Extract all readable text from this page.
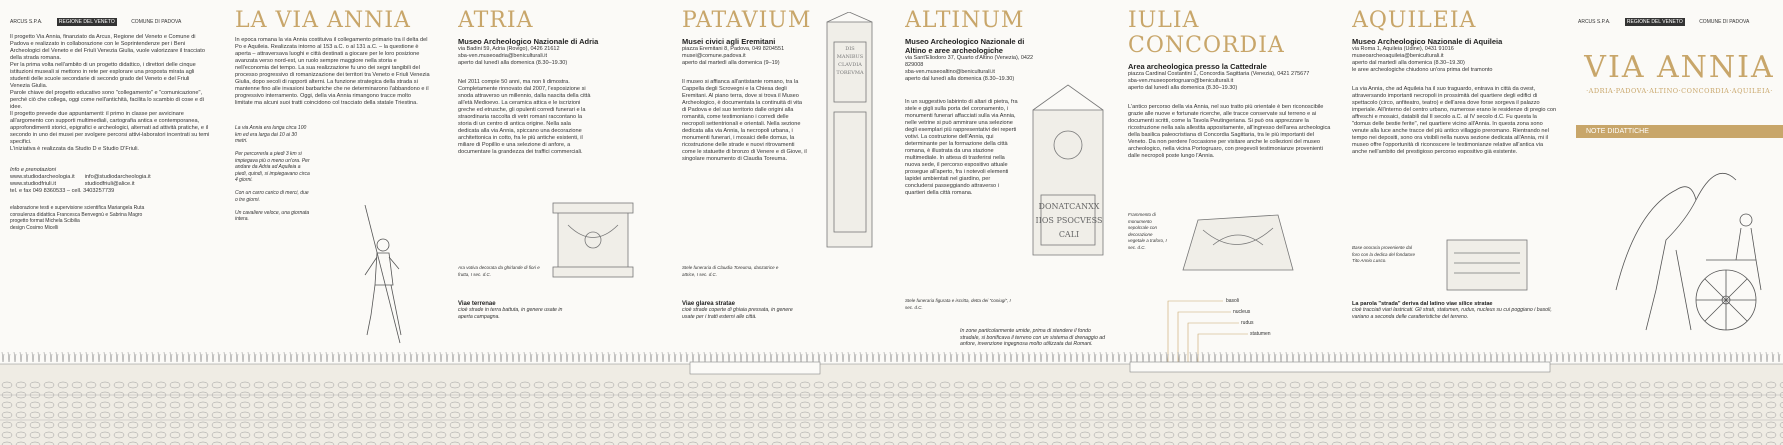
ARCUS S.P.A.	REGIONE DEL VENETO	COMUNE DI PADOVA

Il progetto Via Annia, finanziato da Arcus, Regione del Veneto e Comune di Padova e realizzato in collaborazione con le Soprintendenze per i Beni Archeologici del Veneto e del Friuli Venezia Giulia, vuole valorizzare il tracciato della strada romana.

Per la prima volta nell'ambito di un progetto didattico, i direttori delle cinque istituzioni museali si mettono in rete per esplorare una proposta mirata agli studenti delle scuole secondarie di secondo grado del Veneto e del Friuli Venezia Giulia.

Parole chiave del progetto educativo sono "collegamento" e "comunicazione", perché ciò che collega, oggi come nell'antichità, facilita lo scambio di cose e di idee.

Il progetto prevede due appuntamenti: il primo in classe per avvicinare all'argomento con supporti multimediali, cartografia antica e contemporanea, approfondimenti storici, epigrafici e archeologici, alternati ad attività pratiche, e il secondo in uno dei musei per svolgere percorsi attivi-laboratori incentrati su temi specifici.

L'iniziativa è realizzata da Studio D e Studio D'Friuli.

Info e prenotazioni

www.studiodarcheologia.it

www.studiodfriuli.it

info@studiodarcheologia.it

studiodfriuli@alice.it

tel. e fax 049 8360533 – cell. 3403257739

elaborazione testi e supervisione scientifica Mariangela Ruta

consulenza didattica Francesca Benvegnù e Sabrina Magro

progetto format Michela Scibilia

design Cosimo Micelli

LA VIA ANNIA
In epoca romana la via Annia costituiva il collegamento primario tra il delta del Po e Aquileia. Realizzata intorno al 153 a.C. o al 131 a.C. – la questione è aperta – attraversava luoghi e città destinati a giocare per le loro posizione avanzata verso nord-est, un ruolo sempre maggiore nella storia e nell'economia del tempo. La sua realizzazione fu uno dei segni tangibili del processo progressivo di romanizzazione dei territori tra Veneto e Friuli Venezia Giulia, dopo secoli di rapporti alterni. La funzione strategica della strada si mantenne fino alle invasioni barbariche che ne determinarono l'abbandono e il progressivo interramento. Oggi, della via Annia rimangono tracce molto limitate ma alcuni suoi tratti coincidono col tracciato della statale Triestina.

La via Annia era lunga circa 100 km ed era larga dai 10 ai 30 metri.

Per percorrerla a piedi 3 km si impiegava più o meno un'ora. Per andare da Adria ad Aquileia a piedi, quindi, si impiegavano circa 4 giorni.

Con un carro carico di merci, due o tre giorni.

Un cavaliere veloce, una giornata intera.

ATRIA
Museo Archeologico Nazionale di Adria
via Badini 59, Adria (Rovigo), 0426 21612
sba-ven.museoadria@beniculturali.it
aperto dal lunedì alla domenica (8.30–19.30)
Nel 2011 compie 50 anni, ma non li dimostra. Completamente rinnovato dal 2007, l'esposizione si snoda attraverso un millennio, dalla nascita della città all'età Medioevo. La ceramica attica e le iscrizioni greche ed etrusche, gli opulenti corredi funerari e la straordinaria raccolta di vetri romani raccontano la storia di un centro di antica origine. Nella sala dedicata alla via Annia, spiccano una decorazione architettonica in cotto, fra le più antiche esistenti, il miliare di Popillio e una selezione di anfore, a documentare la grandezza dei traffici commerciali.
Ara votiva decorata da ghirlande di fiori e frutta, I sec. d.C.
Viae terrenae
cioè strade in terra battuta, in genere usate in aperta campagna.
PATAVIUM
Musei civici agli Eremitani
piazza Eremitani 8, Padova, 049 8204551
musei@comune.padova.it
aperto dal martedì alla domenica (9–19)
Il museo si affianca all'antistante romano, tra la Cappella degli Scrovegni e la Chiesa degli Eremitani. Al piano terra, dove si trova il Museo Archeologico, è documentata la continuità di vita di Padova e del suo territorio dalle origini alla romanità, come testimoniano i corredi delle necropoli settentrionali e orientali. Nella sezione dedicata alla via Annia, la necropoli urbana, i monumenti funerari, i mosaici delle domus, la ricostruzione delle strade e nuovi ritrovamenti come le statuette di bronzo di Venere e di Giove, il singolare monumento di Claudia Toreuma.
DIS MANIBUS CLAVDIA TOREVMA
Stele funeraria di Claudia Toreuma, danzatrice e attrice, I sec. d.C.
Viae glarea stratae
cioè strade coperte di ghiaia pressata, in genere usate per i tratti esterni alle città.
ALTINUM
Museo Archeologico Nazionale di Altino e aree archeologiche
via Sant'Eliodoro 37, Quarto d'Altino (Venezia), 0422 829008
sba-ven.museoaltino@beniculturali.it
aperto dal lunedì alla domenica (8.30–19.30)
In un suggestivo labirinto di altari di pietra, fra stele e gigli sulla porta del coronamento, i monumenti funerari affacciati sulla via Annia, nelle vetrine si può ammirare una selezione degli esemplari più rappresentativi dei reperti votivi. La costruzione dell'Annia, qui determinante per la formazione della città romana, è illustrata da una stazione multimediale. In attesa di trasferirsi nella nuova sede, il percorso espositivo attuale prosegue all'aperto, fra i notevoli elementi lapidei ambientati nel giardino, per concludersi passeggiando attraverso i quartieri della città romana.
DONATCANXX IIOS PSOCVESS CALI
Stele funeraria figurata e iscritta, detta dei "coniugi", I sec. d.C.
In zone particolarmente umide, prima di stendere il fondo stradale, si bonificava il terreno con un sistema di drenaggio ad anfore, invenzione ingegnosa molto utilizzata dai Romani.
IULIA CONCORDIA
Area archeologica presso la Cattedrale
piazza Cardinal Costantini 1, Concordia Sagittaria (Venezia), 0421 275677
sba-ven.museoportogruaro@beniculturali.it
aperto dal lunedì alla domenica (8.30–19.30)
L'antico percorso della via Annia, nel suo tratto più orientale è ben riconoscibile grazie alle nuove e fortunate ricerche, alle tracce conservate sul terreno e ai documenti scritti, come la Tavola Peutingeriana. Si può ora apprezzare la ricostruzione nella sala allestita appositamente, all'ingresso dell'area archeologica della basilica paleocristiana di Concordia Sagittaria, tra le più importanti del Veneto. Da non perdere l'occasione per visitare anche le collezioni del museo archeologico, nella vicina Portogruaro, con pregevoli testimonianze provenienti dalle necropoli poste lungo l'Annia.
Frammento di monumento sepolcrale con decorazione vegetale a traforo, I sec. d.C.
basoli
nucleus
rudus
statumen
AQUILEIA
Museo Archeologico Nazionale di Aquileia
via Roma 1, Aquileia (Udine), 0431 91016
museoarcheoaquileia@beniculturali.it
aperto dal martedì alla domenica (8.30–19.30)
le aree archeologiche chiudono un'ora prima del tramonto
La via Annia, che ad Aquileia ha il suo traguardo, entrava in città da ovest, attraversando importanti necropoli in prossimità del quartiere degli edifici di spettacolo (circo, anfiteatro, teatro) e dell'area dove forse sorgeva il palazzo imperiale. All'interno del centro urbano, numerose erano le residenze di pregio con affreschi e mosaici, databili dal II secolo a.C. al IV secolo d.C. Fu questa la "domus delle bestie ferite", nel quartiere vicino all'Annia. In questa zona sono venute alla luce anche tracce del più antico villaggio preromano. Rientrando nel tempo nei depositi, sono ora visibili nella nuova sezione dedicata all'Annia, mi il museo offre l'opportunità di riconoscere le testimonianze relative all'antica via anche nell'ambito del prestigioso percorso espositivo già esistente.
Base onoraria proveniente dal foro con la dedica del fondatore Tito Annio Lusco.
La parola "strada" deriva dal latino viae silice stratae
cioè tracciati viari lastricati. Gli strati, statumen, rudus, nucleus su cui poggiano i basoli, variano a seconda delle caratteristiche del terreno.
ARCUS S.P.A.	REGIONE DEL VENETO	COMUNE DI PADOVA
VIA ANNIA
·ADRIA·PADOVA·ALTINO·CONCORDIA·AQUILEIA·
NOTE DIDATTICHE
